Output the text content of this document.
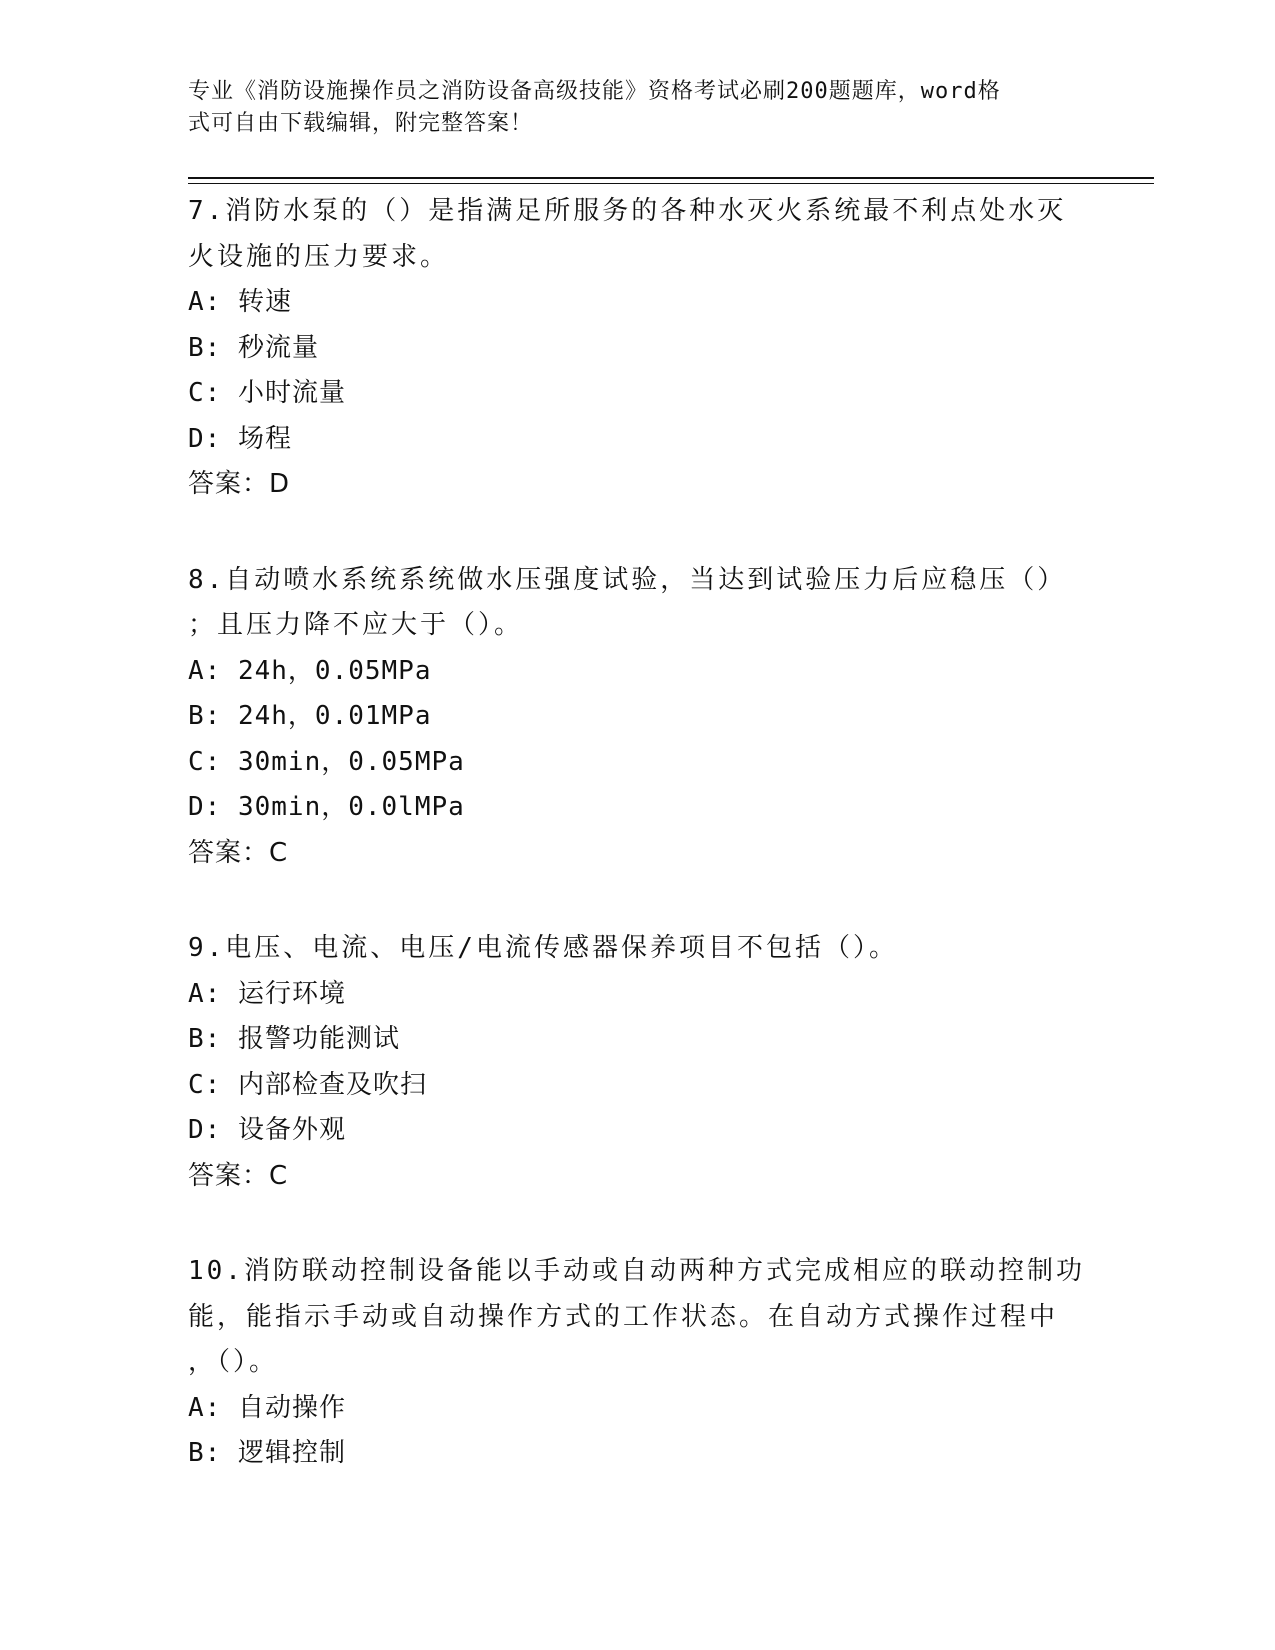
专业《消防设施操作员之消防设备高级技能》资格考试必刷200题题库，word格
式可自由下载编辑，附完整答案！
7.消防水泵的（）是指满足所服务的各种水灭火系统最不利点处水灭
火设施的压力要求。
A: 转速
B: 秒流量
C: 小时流量
D: 场程
答案：D
8.自动喷水系统系统做水压强度试验，当达到试验压力后应稳压（）
；且压力降不应大于（）。
A: 24h，0.05MPa
B: 24h，0.01MPa
C: 30min，0.05MPa
D: 30min，0.0lMPa
答案：C
9.电压、电流、电压/电流传感器保养项目不包括（）。
A: 运行环境
B: 报警功能测试
C: 内部检查及吹扫
D: 设备外观
答案：C
10.消防联动控制设备能以手动或自动两种方式完成相应的联动控制功
能，能指示手动或自动操作方式的工作状态。在自动方式操作过程中
，（）。
A: 自动操作
B: 逻辑控制
